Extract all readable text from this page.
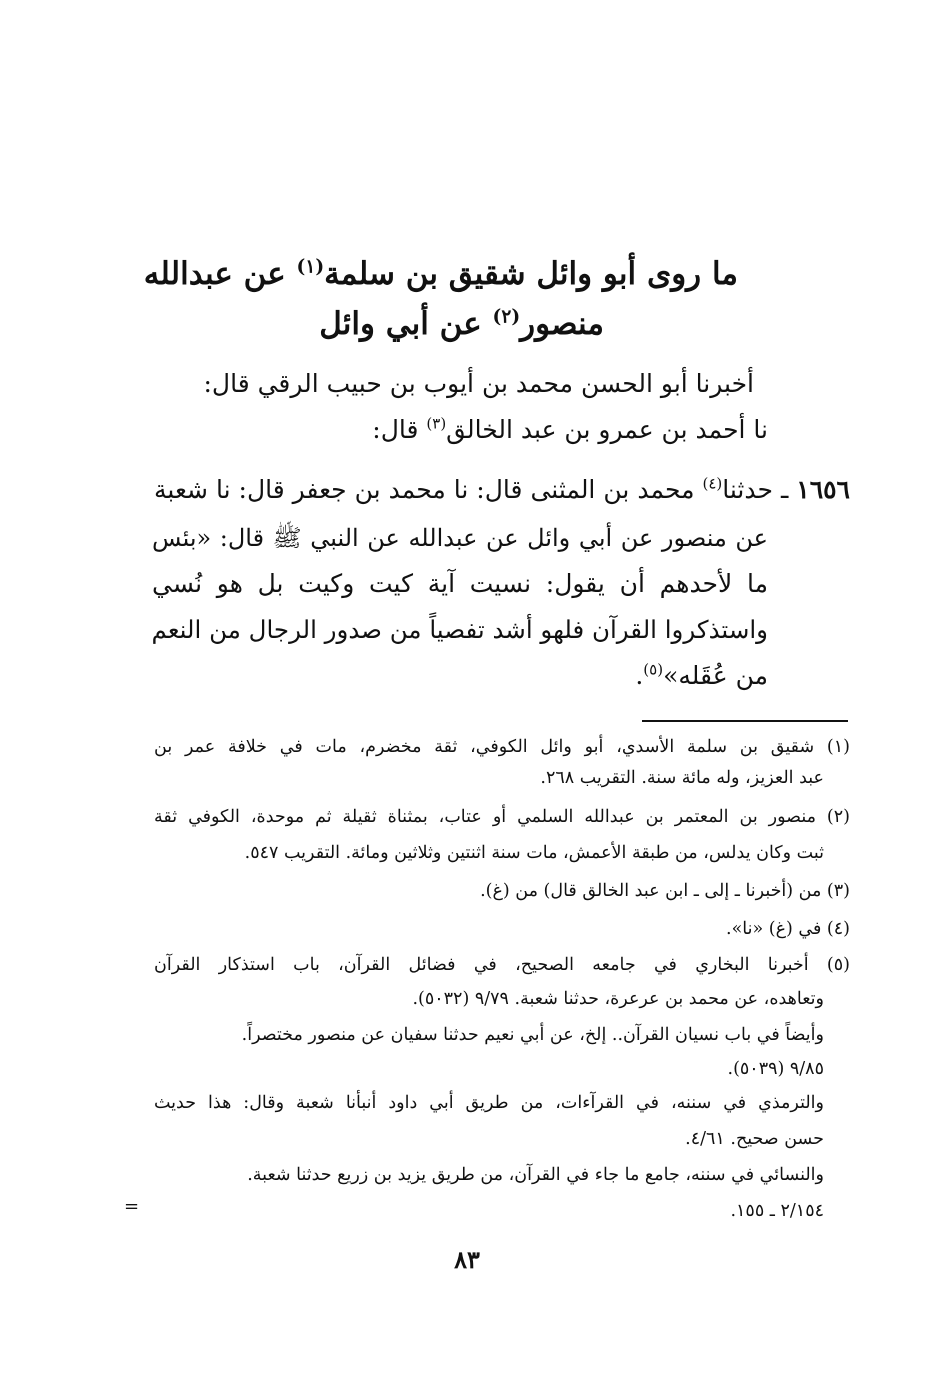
ما روى أبو وائل شقيق بن سلمة$^{(١)}$ عن عبدالله
منصور$^{(٢)}$ عن أبي وائل
أخبرنا أبو الحسن محمد بن أيوب بن حبيب الرقي قال:
نا أحمد بن عمرو بن عبد الخالق$^{(٣)}$ قال:
١٦٥٦ ـ حدثنا$^{(٤)}$ محمد بن المثنى قال: نا محمد بن جعفر قال: نا شعبة
عن منصور عن أبي وائل عن عبدالله عن النبي ﷺ قال: «بئس
ما لأحدهم أن يقول: نسيت آية كيت وكيت بل هو نُسي
واستذكروا القرآن فلهو أشد تفصياً من صدور الرجال من النعم
من عُقَله»$^{(٥)}$.
(١) شقيق بن سلمة الأسدي، أبو وائل الكوفي، ثقة مخضرم، مات في خلافة عمر بن
عبد العزيز، وله مائة سنة. التقريب ٢٦٨.
(٢) منصور بن المعتمر بن عبدالله السلمي أو عتاب، بمثناة ثقيلة ثم موحدة، الكوفي ثقة
ثبت وكان يدلس، من طبقة الأعمش، مات سنة اثنتين وثلاثين ومائة. التقريب ٥٤٧.
(٣) من (أخبرنا ـ إلى ـ ابن عبد الخالق قال) من (غ).
(٤) في (غ) «نا».
(٥) أخبرنا البخاري في جامعه الصحيح، في فضائل القرآن، باب استذكار القرآن
وتعاهده، عن محمد بن عرعرة، حدثنا شعبة. ٩/٧٩ (٥٠٣٢).
وأيضاً في باب نسيان القرآن.. إلخ، عن أبي نعيم حدثنا سفيان عن منصور مختصراً.
٩/٨٥ (٥٠٣٩).
والترمذي في سننه، في القرآءات، من طريق أبي داود أنبأنا شعبة وقال: هذا حديث
حسن صحيح. ٤/٦١.
والنسائي في سننه، جامع ما جاء في القرآن، من طريق يزيد بن زريع حدثنا شعبة.
٢/١٥٤ ـ ١٥٥.
=
٨٣
